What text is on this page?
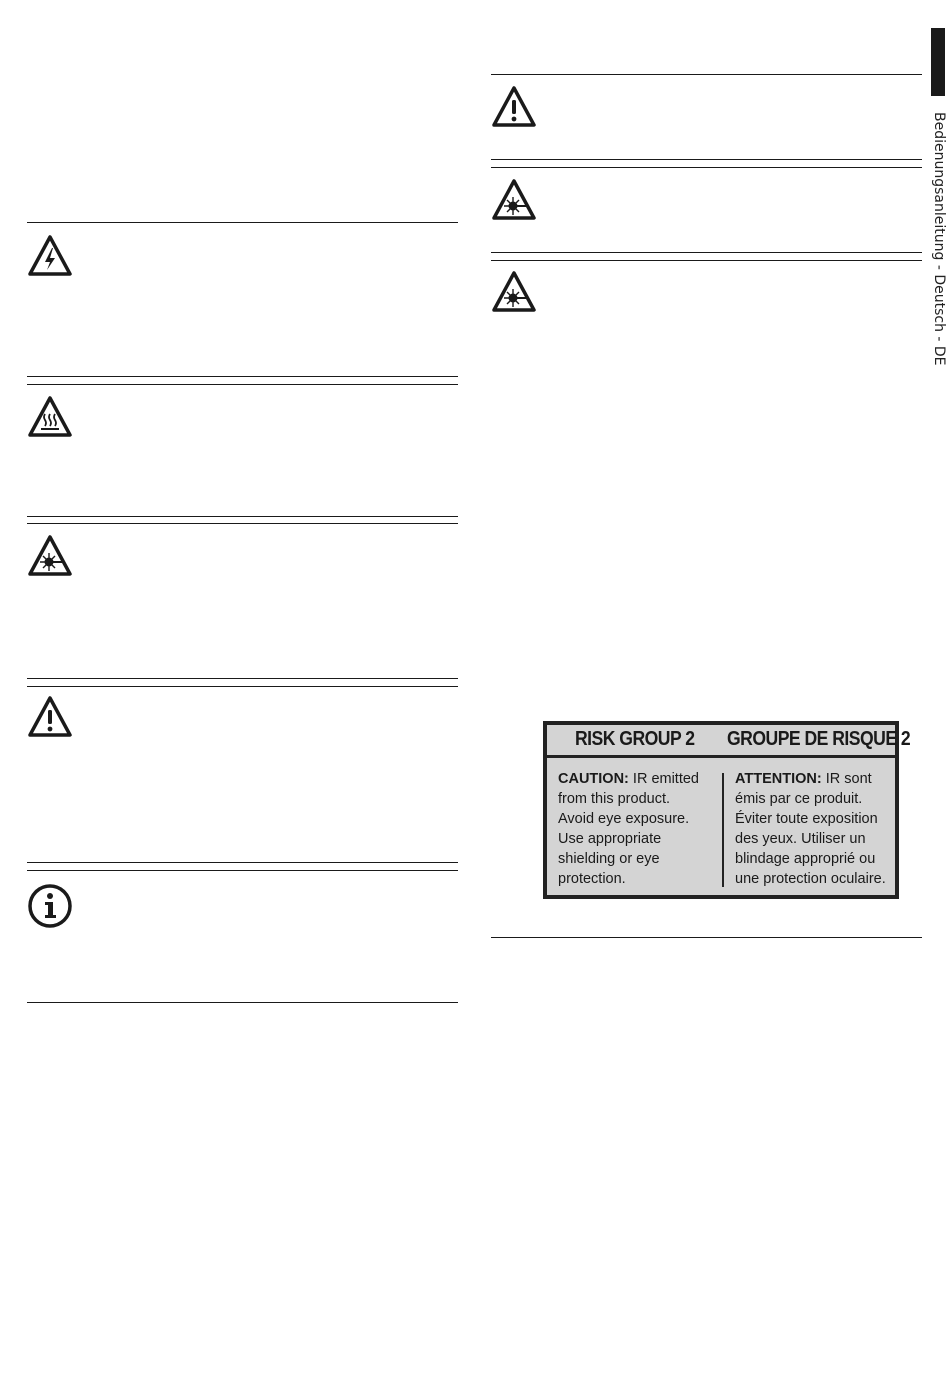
RISK GROUP 2 GROUPE DE RISQUE 2
CAUTION: IR emitted
from this product.
Avoid eye exposure.
Use appropriate
shielding or eye
protection.
ATTENTION: IR sont
émis par ce produit.
Éviter toute exposition
des yeux. Utiliser un
blindage approprié ou
une protection oculaire.
Bedienungsanleitung - Deutsch - DE
